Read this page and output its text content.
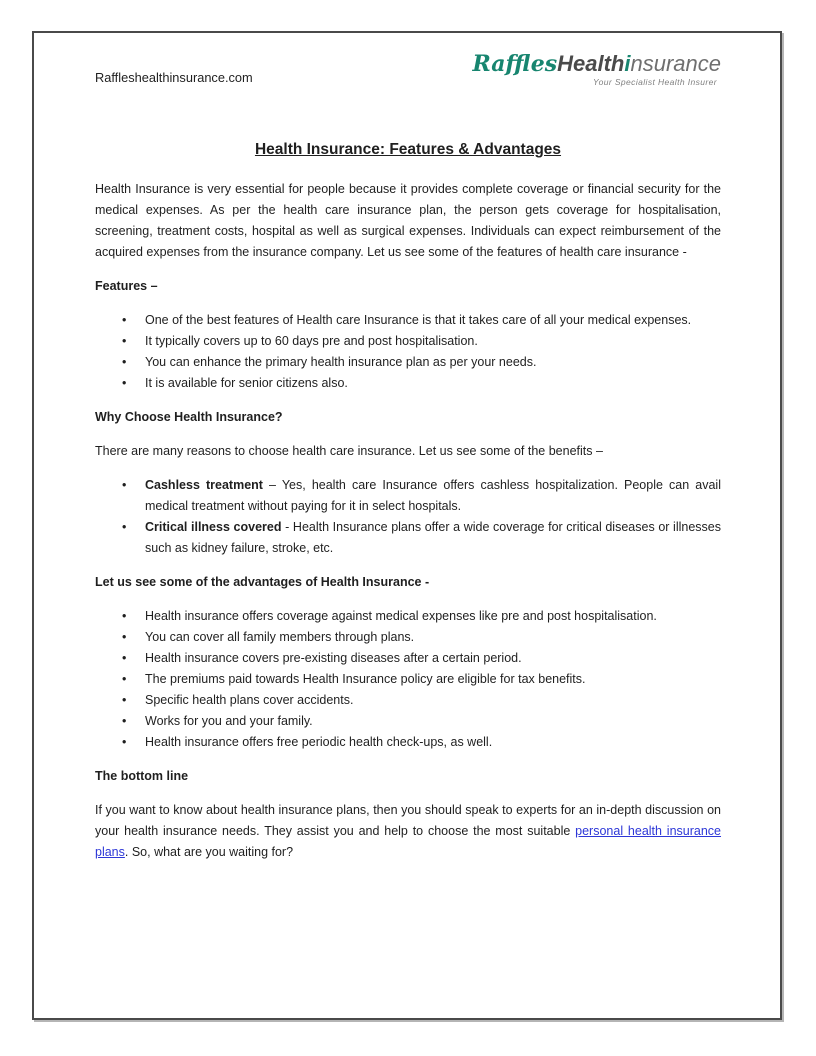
Raffleshealthinsurance.com
RafflesHealthinsurance
Your Specialist Health Insurer
Health Insurance: Features & Advantages

Health Insurance is very essential for people because it provides complete coverage or financial security for the medical expenses. As per the health care insurance plan, the person gets coverage for hospitalisation, screening, treatment costs, hospital as well as surgical expenses. Individuals can expect reimbursement of the acquired expenses from the insurance company. Let us see some of the features of health care insurance -

Features –
• One of the best features of Health care Insurance is that it takes care of all your medical expenses.
• It typically covers up to 60 days pre and post hospitalisation.
• You can enhance the primary health insurance plan as per your needs.
• It is available for senior citizens also.
Why Choose Health Insurance?

There are many reasons to choose health care insurance. Let us see some of the benefits –

• Cashless treatment – Yes, health care Insurance offers cashless hospitalization. People can avail medical treatment without paying for it in select hospitals.
• Critical illness covered - Health Insurance plans offer a wide coverage for critical diseases or illnesses such as kidney failure, stroke, etc.
Let us see some of the advantages of Health Insurance -
• Health insurance offers coverage against medical expenses like pre and post hospitalisation.
• You can cover all family members through plans.
• Health insurance covers pre-existing diseases after a certain period.
• The premiums paid towards Health Insurance policy are eligible for tax benefits.
• Specific health plans cover accidents.
• Works for you and your family.
• Health insurance offers free periodic health check-ups, as well.
The bottom line

If you want to know about health insurance plans, then you should speak to experts for an in-depth discussion on your health insurance needs. They assist you and help to choose the most suitable personal health insurance plans. So, what are you waiting for?
